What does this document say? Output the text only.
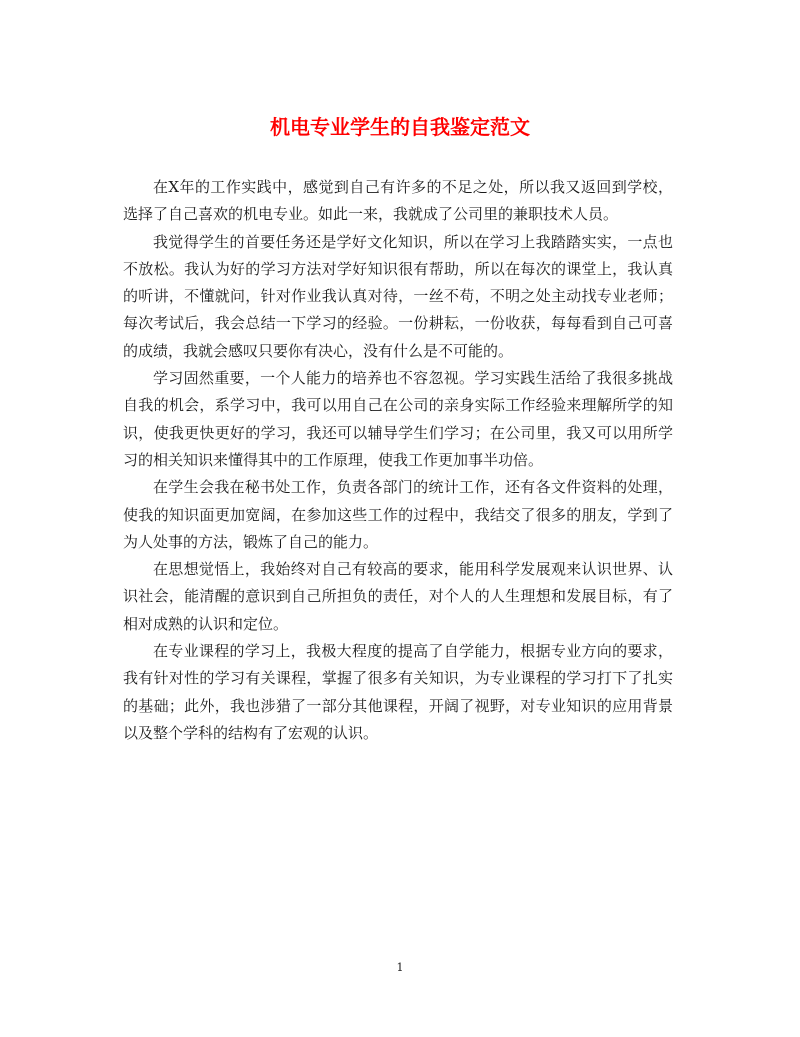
机电专业学生的自我鉴定范文

在X年的工作实践中，感觉到自己有许多的不足之处，所以我又返回到学校，选择了自己喜欢的机电专业。如此一来，我就成了公司里的兼职技术人员。

我觉得学生的首要任务还是学好文化知识，所以在学习上我踏踏实实，一点也不放松。我认为好的学习方法对学好知识很有帮助，所以在每次的课堂上，我认真的听讲，不懂就问，针对作业我认真对待，一丝不苟，不明之处主动找专业老师；每次考试后，我会总结一下学习的经验。一份耕耘，一份收获，每每看到自己可喜的成绩，我就会感叹只要你有决心，没有什么是不可能的。

学习固然重要，一个人能力的培养也不容忽视。学习实践生活给了我很多挑战自我的机会，系学习中，我可以用自己在公司的亲身实际工作经验来理解所学的知识，使我更快更好的学习，我还可以辅导学生们学习；在公司里，我又可以用所学习的相关知识来懂得其中的工作原理，使我工作更加事半功倍。

在学生会我在秘书处工作，负责各部门的统计工作，还有各文件资料的处理，使我的知识面更加宽阔，在参加这些工作的过程中，我结交了很多的朋友，学到了为人处事的方法，锻炼了自己的能力。

在思想觉悟上，我始终对自己有较高的要求，能用科学发展观来认识世界、认识社会，能清醒的意识到自己所担负的责任，对个人的人生理想和发展目标，有了相对成熟的认识和定位。

在专业课程的学习上，我极大程度的提高了自学能力，根据专业方向的要求，我有针对性的学习有关课程，掌握了很多有关知识，为专业课程的学习打下了扎实的基础；此外，我也涉猎了一部分其他课程，开阔了视野，对专业知识的应用背景以及整个学科的结构有了宏观的认识。

1
